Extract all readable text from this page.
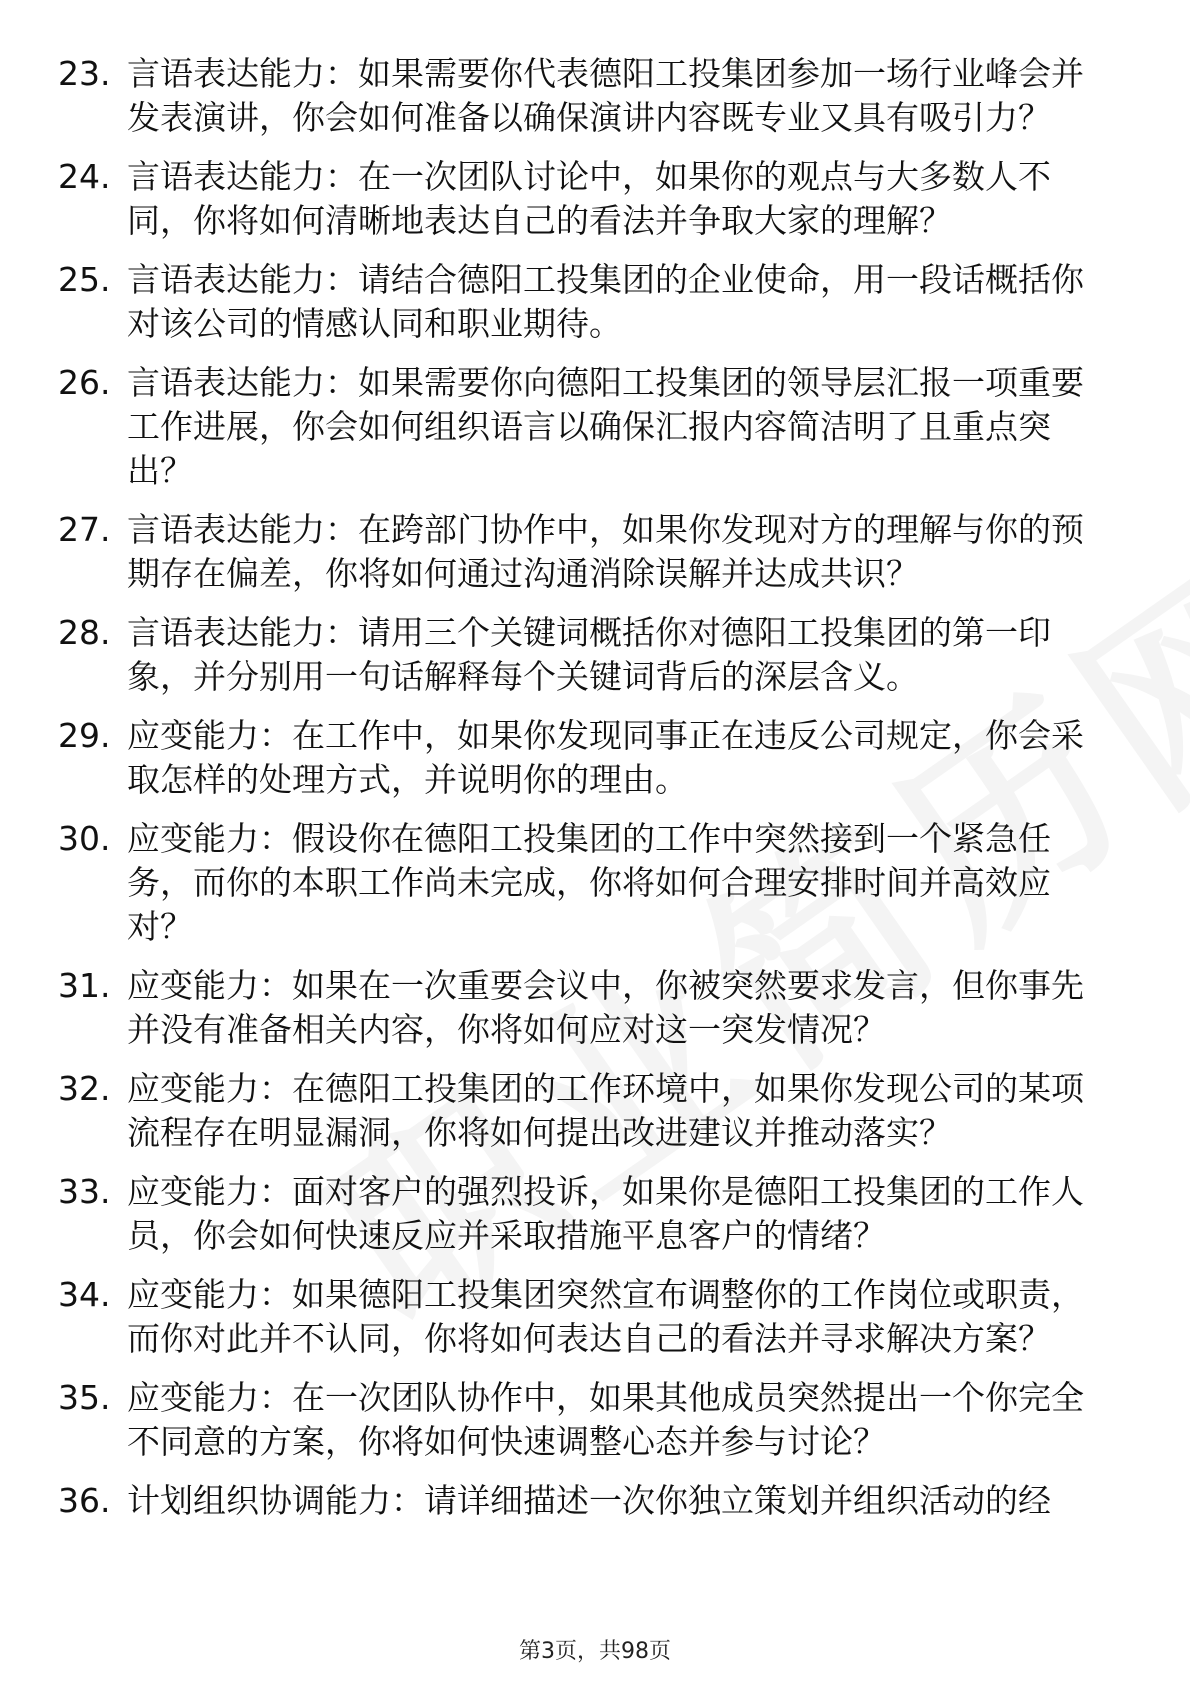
23. 言语表达能力：如果需要你代表德阳工投集团参加一场行业峰会并发表演讲，你会如何准备以确保演讲内容既专业又具有吸引力？
24. 言语表达能力：在一次团队讨论中，如果你的观点与大多数人不同，你将如何清晰地表达自己的看法并争取大家的理解？
25. 言语表达能力：请结合德阳工投集团的企业使命，用一段话概括你对该公司的情感认同和职业期待。
26. 言语表达能力：如果需要你向德阳工投集团的领导层汇报一项重要工作进展，你会如何组织语言以确保汇报内容简洁明了且重点突出？
27. 言语表达能力：在跨部门协作中，如果你发现对方的理解与你的预期存在偏差，你将如何通过沟通消除误解并达成共识？
28. 言语表达能力：请用三个关键词概括你对德阳工投集团的第一印象，并分别用一句话解释每个关键词背后的深层含义。
29. 应变能力：在工作中，如果你发现同事正在违反公司规定，你会采取怎样的处理方式，并说明你的理由。
30. 应变能力：假设你在德阳工投集团的工作中突然接到一个紧急任务，而你的本职工作尚未完成，你将如何合理安排时间并高效应对？
31. 应变能力：如果在一次重要会议中，你被突然要求发言，但你事先并没有准备相关内容，你将如何应对这一突发情况？
32. 应变能力：在德阳工投集团的工作环境中，如果你发现公司的某项流程存在明显漏洞，你将如何提出改进建议并推动落实？
33. 应变能力：面对客户的强烈投诉，如果你是德阳工投集团的工作人员，你会如何快速反应并采取措施平息客户的情绪？
34. 应变能力：如果德阳工投集团突然宣布调整你的工作岗位或职责，而你对此并不认同，你将如何表达自己的看法并寻求解决方案？
35. 应变能力：在一次团队协作中，如果其他成员突然提出一个你完全不同意的方案，你将如何快速调整心态并参与讨论？
36. 计划组织协调能力：请详细描述一次你独立策划并组织活动的经
第3页，共98页
